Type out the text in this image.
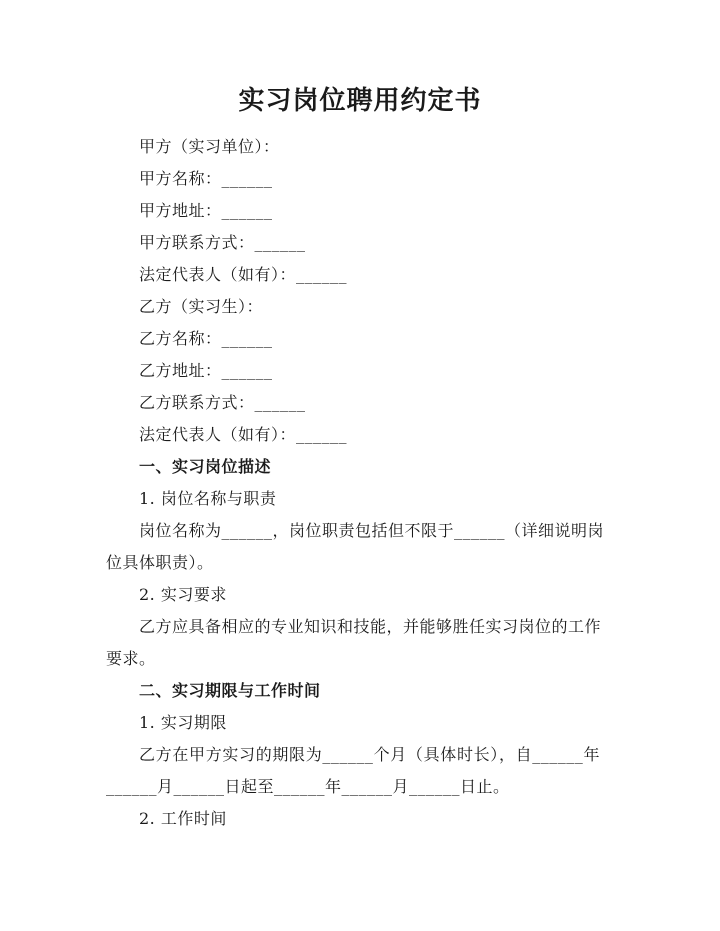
实习岗位聘用约定书
甲方（实习单位）：
甲方名称：______
甲方地址：______
甲方联系方式：______
法定代表人（如有）：______
乙方（实习生）：
乙方名称：______
乙方地址：______
乙方联系方式：______
法定代表人（如有）：______
一、实习岗位描述
1. 岗位名称与职责
岗位名称为______，岗位职责包括但不限于______（详细说明岗
位具体职责）。
2. 实习要求
乙方应具备相应的专业知识和技能，并能够胜任实习岗位的工作
要求。
二、实习期限与工作时间
1. 实习期限
乙方在甲方实习的期限为______个月（具体时长），自______年
______月______日起至______年______月______日止。
2. 工作时间
